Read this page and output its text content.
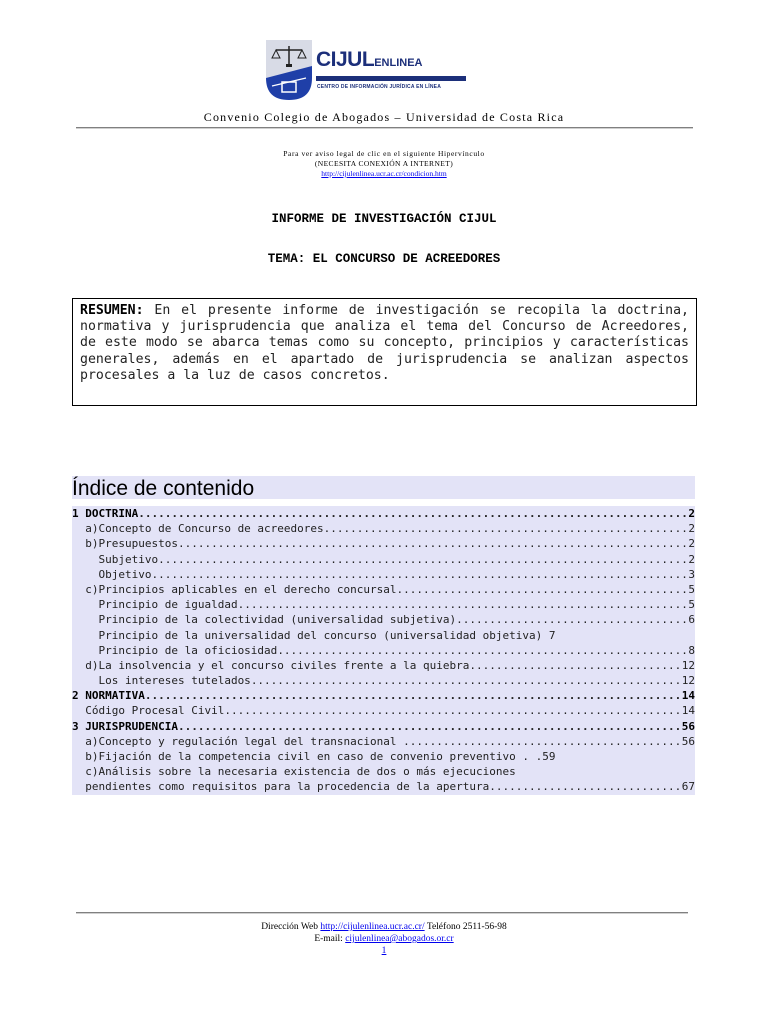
CIJULENLINEA
CENTRO DE INFORMACIÓN JURÍDICA EN LÍNEA
Convenio Colegio de Abogados – Universidad de Costa Rica
Para ver aviso legal de clic en el siguiente Hipervínculo
(NECESITA CONEXIÓN A INTERNET)
http://cijulenlinea.ucr.ac.cr/condicion.htm
INFORME DE INVESTIGACIÓN CIJUL
TEMA: EL CONCURSO DE ACREEDORES
RESUMEN: En el presente informe de investigación se recopila la doctrina, normativa y jurisprudencia que analiza el tema del Concurso de Acreedores, de este modo se abarca temas como su concepto, principios y características generales, además en el apartado de jurisprudencia se analizan aspectos procesales a la luz de casos concretos.
Índice de contenido
1 DOCTRINA .....	2
a)Concepto de Concurso de acreedores .....	2
b)Presupuestos .....	2
Subjetivo .....	2
Objetivo .....	3
c)Principios aplicables en el derecho concursal .....	5
Principio de igualdad .....	5
Principio de la colectividad (universalidad subjetiva) .....	6
Principio de la universalidad del concurso (universalidad objetiva) 7
Principio de la oficiosidad .....	8
d)La insolvencia y el concurso civiles frente a la quiebra .....	12
Los intereses tutelados .....	12
2 NORMATIVA .....	14
Código Procesal Civil .....	14
3 JURISPRUDENCIA .....	56
a)Concepto y regulación legal del transnacional .....	56
b)Fijación de la competencia civil en caso de convenio preventivo . .59
c)Análisis sobre la necesaria existencia de dos o más ejecuciones
pendientes como requisitos para la procedencia de la apertura .....	67
Dirección Web http://cijulenlinea.ucr.ac.cr/ Teléfono 2511-56-98
E-mail: cijulenlinea@abogados.or.cr
1
